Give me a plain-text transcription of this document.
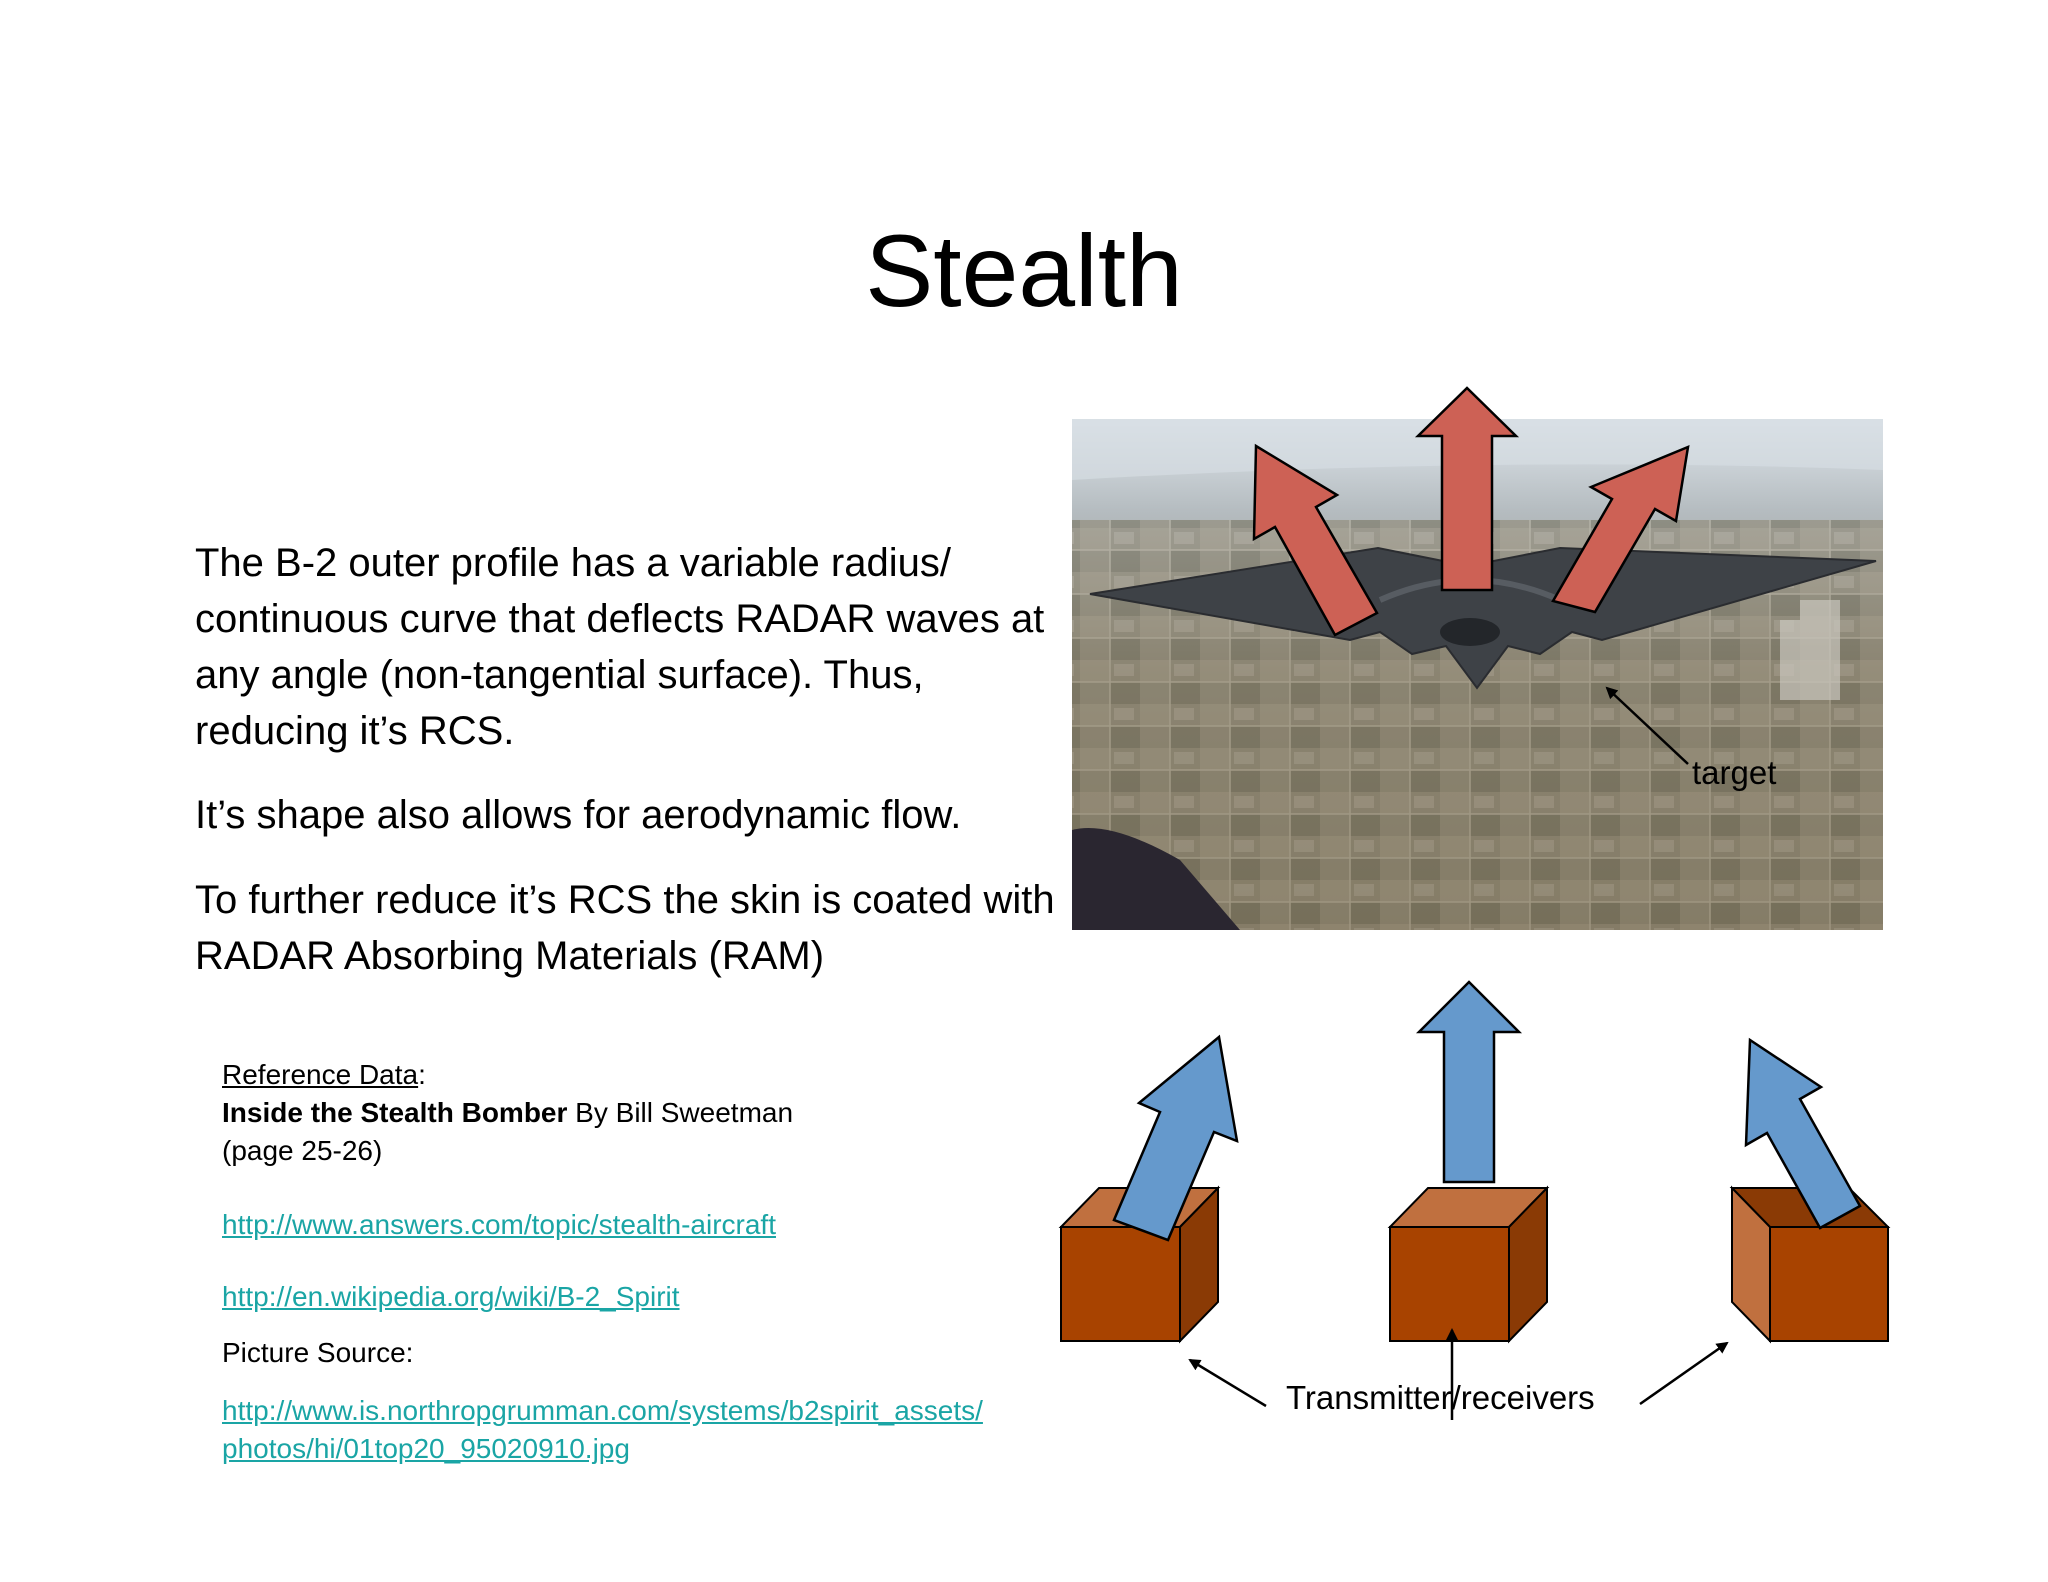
Stealth
The B-2 outer profile has a variable radius/ continuous curve that deflects RADAR waves at any angle (non-tangential surface). Thus, reducing it’s RCS.
It’s shape also allows for aerodynamic flow.
To further reduce it’s RCS the skin is coated with RADAR Absorbing Materials (RAM)
Reference Data:
Inside the Stealth Bomber By Bill Sweetman
(page 25-26)
http://www.answers.com/topic/stealth-aircraft
http://en.wikipedia.org/wiki/B-2_Spirit
Picture Source:
http://www.is.northropgrumman.com/systems/b2spirit_assets/
photos/hi/01top20_95020910.jpg
target
Transmitter/receivers
